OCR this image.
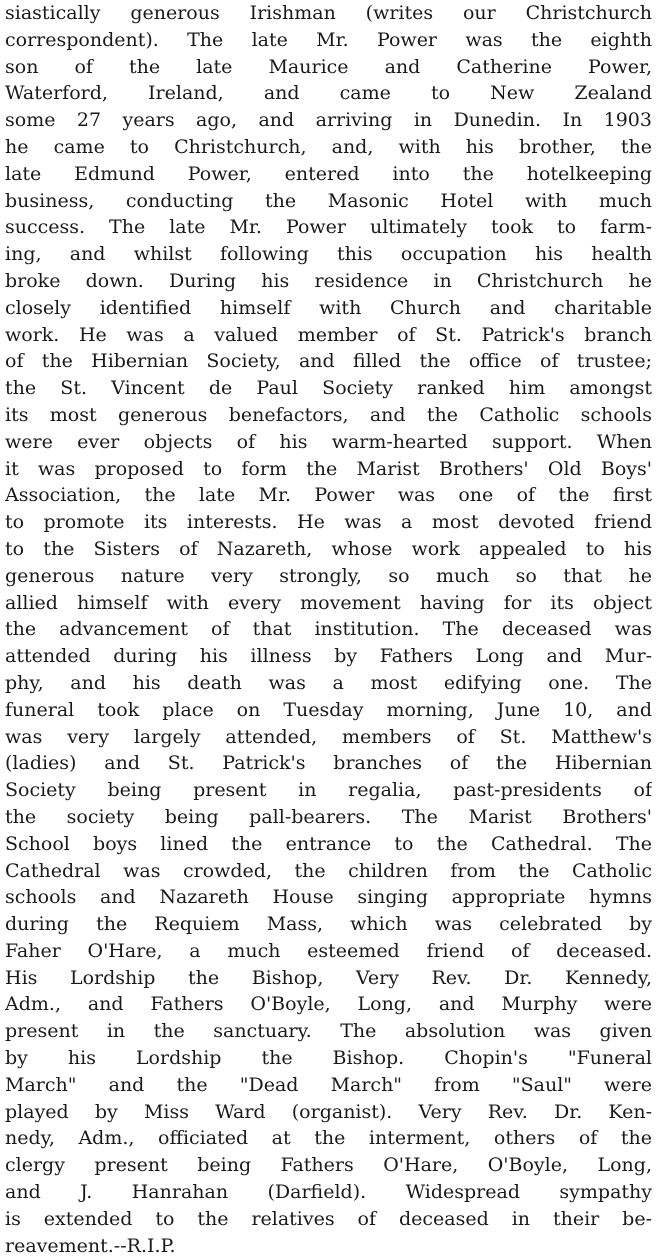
siastically generous Irishman (writes our Christchurch
correspondent). The late Mr. Power was the eighth
son of the late Maurice and Catherine Power,
Waterford, Ireland, and came to New Zealand
some 27 years ago, and arriving in Dunedin. In 1903
he came to Christchurch, and, with his brother, the
late Edmund Power, entered into the hotelkeeping
business, conducting the Masonic Hotel with much
success. The late Mr. Power ultimately took to farm-
ing, and whilst following this occupation his health
broke down. During his residence in Christchurch he
closely identified himself with Church and charitable
work. He was a valued member of St. Patrick's branch
of the Hibernian Society, and filled the office of trustee;
the St. Vincent de Paul Society ranked him amongst
its most generous benefactors, and the Catholic schools
were ever objects of his warm-hearted support. When
it was proposed to form the Marist Brothers' Old Boys'
Association, the late Mr. Power was one of the first
to promote its interests. He was a most devoted friend
to the Sisters of Nazareth, whose work appealed to his
generous nature very strongly, so much so that he
allied himself with every movement having for its object
the advancement of that institution. The deceased was
attended during his illness by Fathers Long and Mur-
phy, and his death was a most edifying one. The
funeral took place on Tuesday morning, June 10, and
was very largely attended, members of St. Matthew's
(ladies) and St. Patrick's branches of the Hibernian
Society being present in regalia, past-presidents of
the society being pall-bearers. The Marist Brothers'
School boys lined the entrance to the Cathedral. The
Cathedral was crowded, the children from the Catholic
schools and Nazareth House singing appropriate hymns
during the Requiem Mass, which was celebrated by
Faher O'Hare, a much esteemed friend of deceased.
His Lordship the Bishop, Very Rev. Dr. Kennedy,
Adm., and Fathers O'Boyle, Long, and Murphy were
present in the sanctuary. The absolution was given
by his Lordship the Bishop. Chopin's "Funeral
March" and the "Dead March" from "Saul" were
played by Miss Ward (organist). Very Rev. Dr. Ken-
nedy, Adm., officiated at the interment, others of the
clergy present being Fathers O'Hare, O'Boyle, Long,
and J. Hanrahan (Darfield). Widespread sympathy
is extended to the relatives of deceased in their be-
reavement.--R.I.P.
